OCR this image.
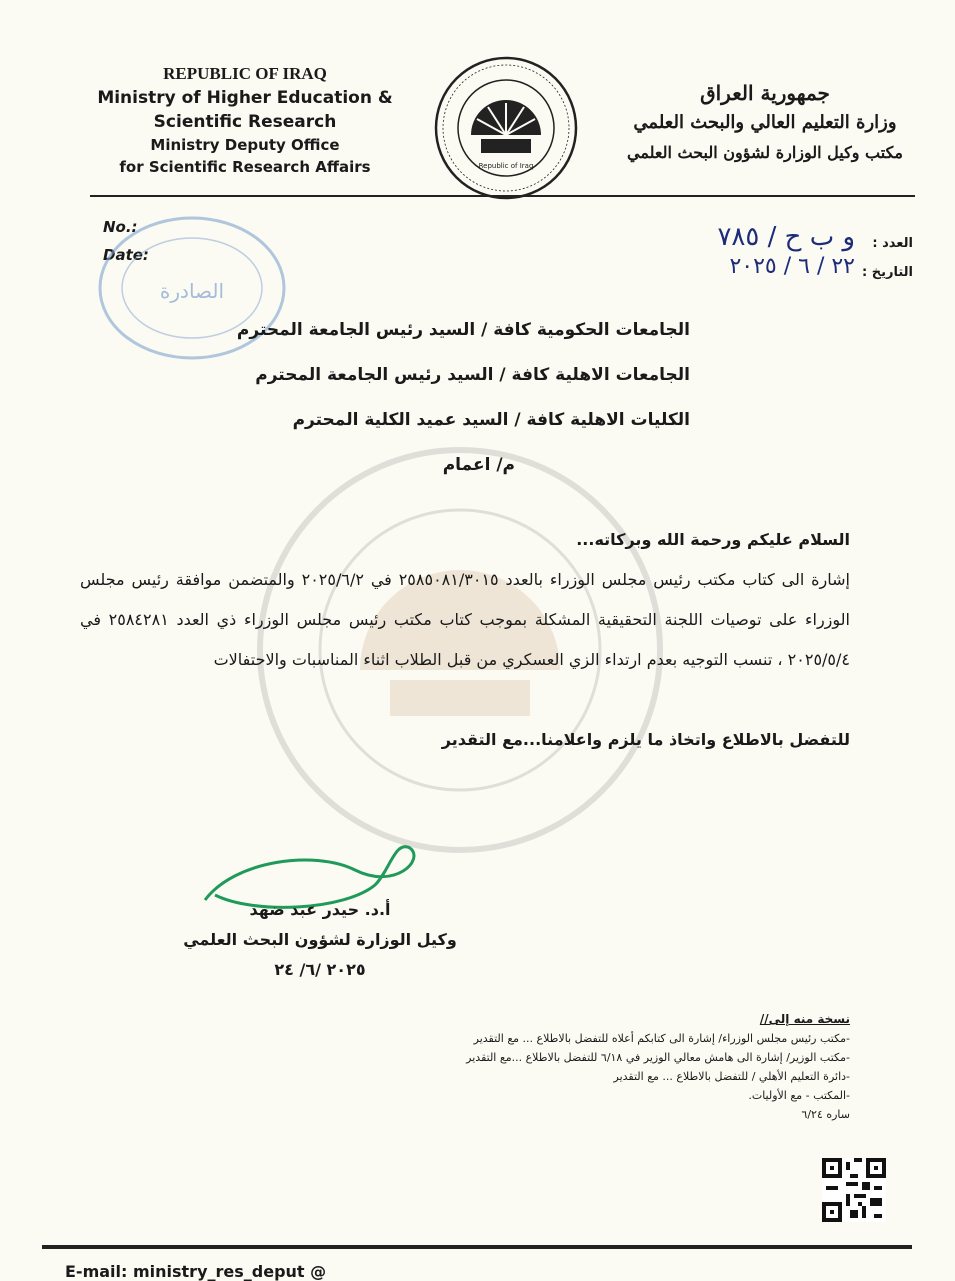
REPUBLIC OF IRAQ
Ministry of Higher Education &
Scientific Research
Ministry Deputy Office
for Scientific Research Affairs	Republic of Iraq
جمهورية العراق
وزارة التعليم العالي والبحث العلمي
مكتب وكيل الوزارة لشؤون البحث العلمي
No.:
Date:
العدد :
التاريخ :
و ب ح / ٧٨٥
٢٢ / ٦ / ٢٠٢٥
الصادرة
الجامعات الحكومية كافة / السيد رئيس الجامعة المحترم
الجامعات الاهلية كافة / السيد رئيس الجامعة المحترم
الكليات الاهلية كافة / السيد عميد الكلية المحترم
م/ اعمام
السلام عليكم ورحمة الله وبركاته...
إشارة الى كتاب مكتب رئيس مجلس الوزراء بالعدد ٢٥٨٥٠٨١/٣٠١٥ في ٢٠٢٥/٦/٢ والمتضمن موافقة رئيس مجلس الوزراء على توصيات اللجنة التحقيقية المشكلة بموجب كتاب مكتب رئيس مجلس الوزراء ذي العدد ٢٥٨٤٢٨١ في ٢٠٢٥/٥/٤ ، تنسب التوجيه بعدم ارتداء الزي العسكري من قبل الطلاب اثناء المناسبات والاحتفالات
للتفضل بالاطلاع واتخاذ ما يلزم واعلامنا...مع التقدير
أ.د. حيدر عبد ضهد
وكيل الوزارة لشؤون البحث العلمي
٢٠٢٥ /٦/ ٢٤
نسخة منه إلى//
-مكتب رئيس مجلس الوزراء/ إشارة الى كتابكم أعلاه للتفضل بالاطلاع ... مع التقدير
-مكتب الوزير/ إشارة الى هامش معالي الوزير في ٦/١٨ للتفضل بالاطلاع ...مع التقدير
-دائرة التعليم الأهلي / للتفضل بالاطلاع ... مع التقدير
-المكتب - مع الأوليات.
ساره ٦/٢٤
E-mail: ministry_res_deput @
